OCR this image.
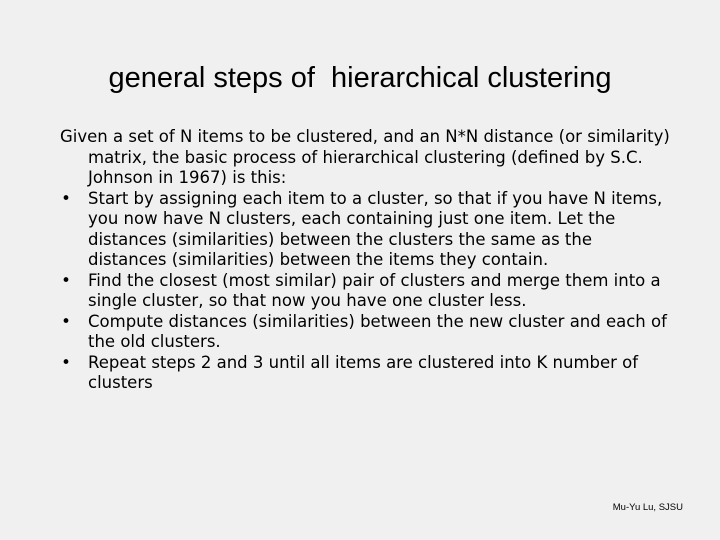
general steps of  hierarchical clustering

Given a set of N items to be clustered, and an N*N distance (or similarity) matrix, the basic process of hierarchical clustering (defined by S.C. Johnson in 1967) is this:

• Start by assigning each item to a cluster, so that if you have N items, you now have N clusters, each containing just one item. Let the distances (similarities) between the clusters the same as the distances (similarities) between the items they contain.
• Find the closest (most similar) pair of clusters and merge them into a single cluster, so that now you have one cluster less.
• Compute distances (similarities) between the new cluster and each of the old clusters.
• Repeat steps 2 and 3 until all items are clustered into K number of clusters
Mu-Yu Lu, SJSU
